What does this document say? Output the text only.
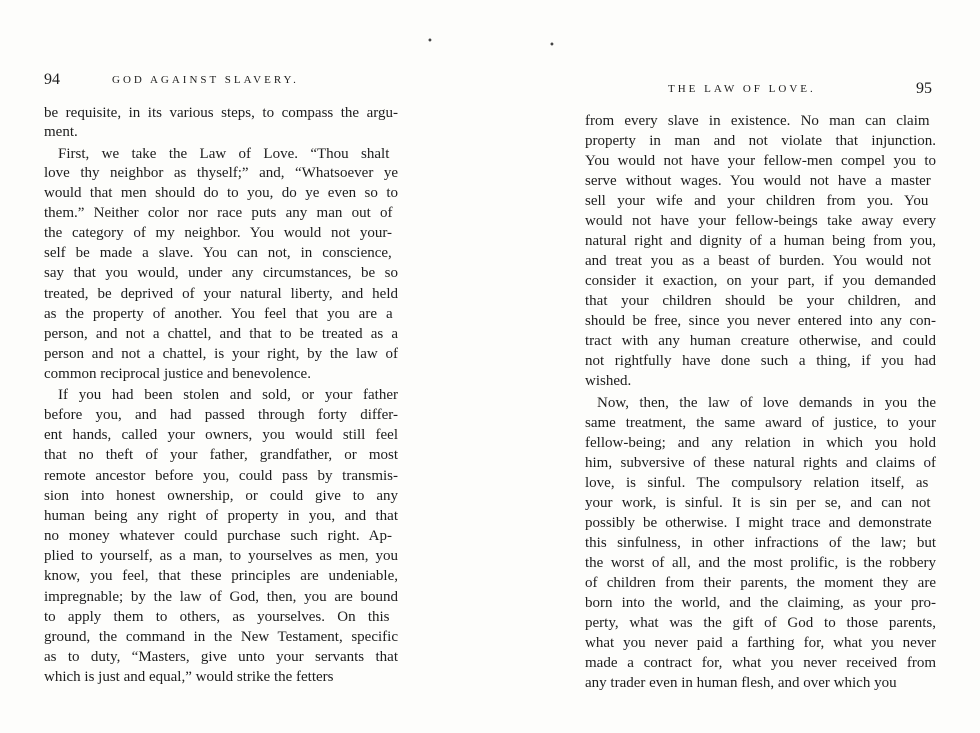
94	GOD AGAINST SLAVERY.	95
THE LAW OF LOVE.
be requisite, in its various steps, to compass the argu-
ment.
First, we take the Law of Love. “Thou shalt
love thy neighbor as thyself;” and, “Whatsoever ye
would that men should do to you, do ye even so to
them.” Neither color nor race puts any man out of
the category of my neighbor. You would not your-
self be made a slave. You can not, in conscience,
say that you would, under any circumstances, be so
treated, be deprived of your natural liberty, and held
as the property of another. You feel that you are a
person, and not a chattel, and that to be treated as a
person and not a chattel, is your right, by the law of
common reciprocal justice and benevolence.
If you had been stolen and sold, or your father
before you, and had passed through forty differ-
ent hands, called your owners, you would still feel
that no theft of your father, grandfather, or most
remote ancestor before you, could pass by transmis-
sion into honest ownership, or could give to any
human being any right of property in you, and that
no money whatever could purchase such right. Ap-
plied to yourself, as a man, to yourselves as men, you
know, you feel, that these principles are undeniable,
impregnable; by the law of God, then, you are bound
to apply them to others, as yourselves. On this
ground, the command in the New Testament, specific
as to duty, “Masters, give unto your servants that
which is just and equal,” would strike the fetters
from every slave in existence. No man can claim
property in man and not violate that injunction.
You would not have your fellow-men compel you to
serve without wages. You would not have a master
sell your wife and your children from you. You
would not have your fellow-beings take away every
natural right and dignity of a human being from you,
and treat you as a beast of burden. You would not
consider it exaction, on your part, if you demanded
that your children should be your children, and
should be free, since you never entered into any con-
tract with any human creature otherwise, and could
not rightfully have done such a thing, if you had
wished.
Now, then, the law of love demands in you the
same treatment, the same award of justice, to your
fellow-being; and any relation in which you hold
him, subversive of these natural rights and claims of
love, is sinful. The compulsory relation itself, as
your work, is sinful. It is sin per se, and can not
possibly be otherwise. I might trace and demonstrate
this sinfulness, in other infractions of the law; but
the worst of all, and the most prolific, is the robbery
of children from their parents, the moment they are
born into the world, and the claiming, as your pro-
perty, what was the gift of God to those parents,
what you never paid a farthing for, what you never
made a contract for, what you never received from
any trader even in human flesh, and over which you
•	•
